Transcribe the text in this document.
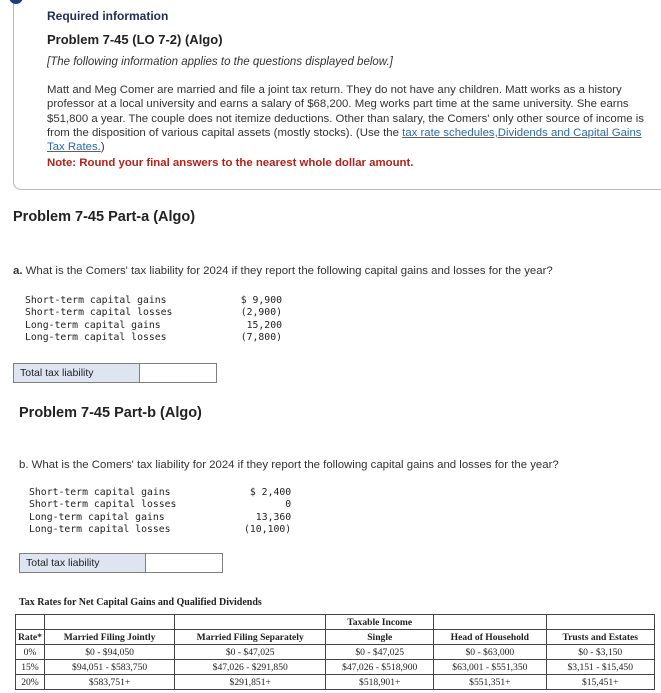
Required information
Problem 7-45 (LO 7-2) (Algo)
[The following information applies to the questions displayed below.]
Matt and Meg Comer are married and file a joint tax return. They do not have any children. Matt works as a history professor at a local university and earns a salary of $68,200. Meg works part time at the same university. She earns $51,800 a year. The couple does not itemize deductions. Other than salary, the Comers' only other source of income is from the disposition of various capital assets (mostly stocks). (Use the tax rate schedules,Dividends and Capital Gains Tax Rates.)
Note: Round your final answers to the nearest whole dollar amount.
Problem 7-45 Part-a (Algo)
a. What is the Comers' tax liability for 2024 if they report the following capital gains and losses for the year?
Short-term capital gains	$ 9,900
Short-term capital losses	(2,900)
Long-term capital gains	15,200
Long-term capital losses	(7,800)
Total tax liability
Problem 7-45 Part-b (Algo)
b. What is the Comers' tax liability for 2024 if they report the following capital gains and losses for the year?
Short-term capital gains	$ 2,400
Short-term capital losses	0
Long-term capital gains	13,360
Long-term capital losses	(10,100)
Total tax liability
Tax Rates for Net Capital Gains and Qualified Dividends
			Taxable Income		
Rate*	Married Filing Jointly	Married Filing Separately	Single	Head of Household	Trusts and Estates
0%	$0 - $94,050	$0 - $47,025	$0 - $47,025	$0 - $63,000	$0 - $3,150
15%	$94,051 - $583,750	$47,026 - $291,850	$47,026 - $518,900	$63,001 - $551,350	$3,151 - $15,450
20%	$583,751+	$291,851+	$518,901+	$551,351+	$15,451+
